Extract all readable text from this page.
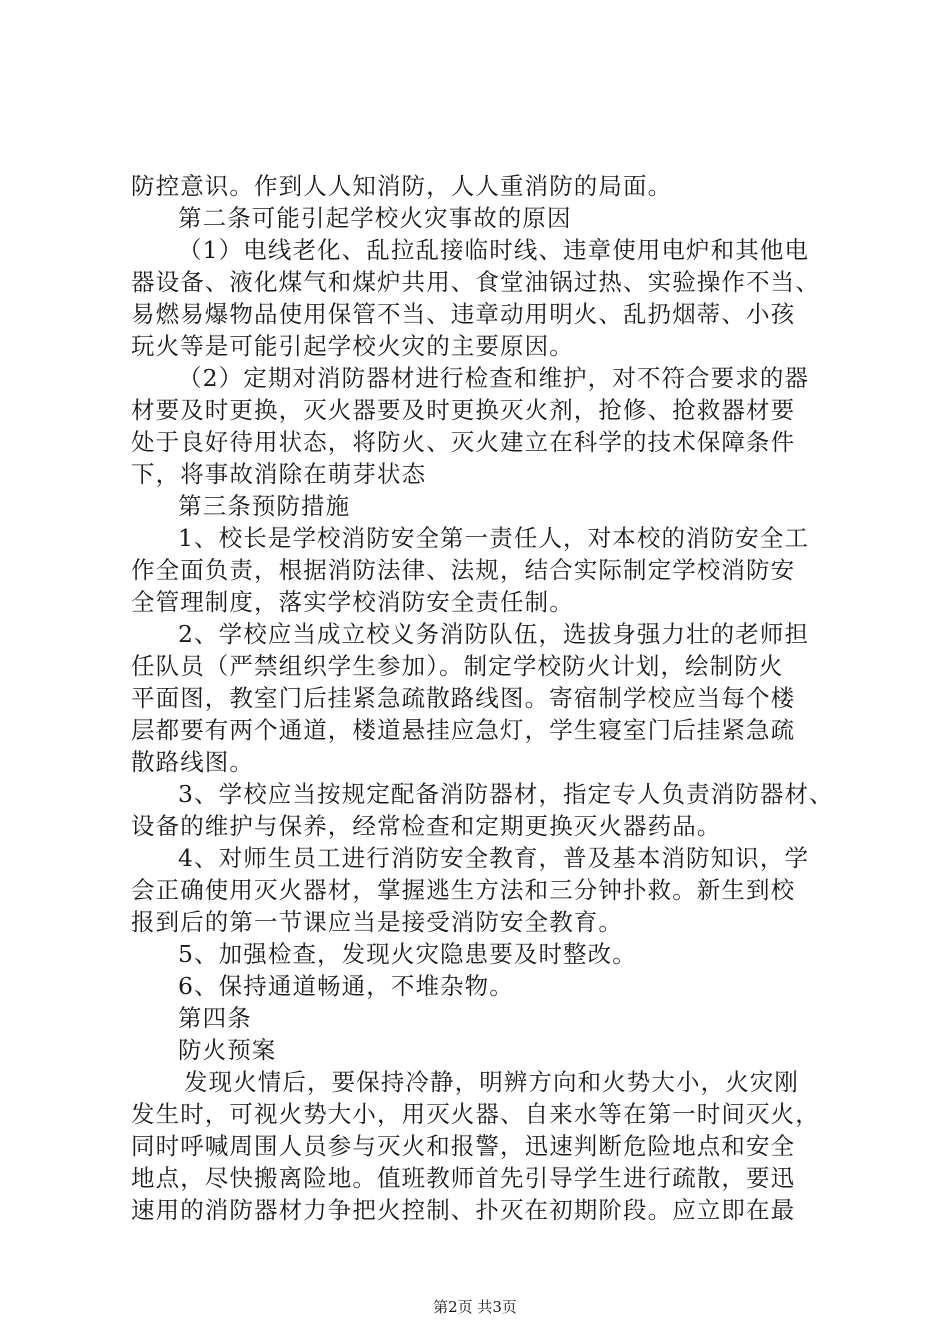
防控意识。作到人人知消防，人人重消防的局面。
第二条可能引起学校火灾事故的原因
（1）电线老化、乱拉乱接临时线、违章使用电炉和其他电
器设备、液化煤气和煤炉共用、食堂油锅过热、实验操作不当、
易燃易爆物品使用保管不当、违章动用明火、乱扔烟蒂、小孩
玩火等是可能引起学校火灾的主要原因。
（2）定期对消防器材进行检查和维护，对不符合要求的器
材要及时更换，灭火器要及时更换灭火剂，抢修、抢救器材要
处于良好待用状态，将防火、灭火建立在科学的技术保障条件
下，将事故消除在萌芽状态
第三条预防措施
1、校长是学校消防安全第一责任人，对本校的消防安全工
作全面负责，根据消防法律、法规，结合实际制定学校消防安
全管理制度，落实学校消防安全责任制。
2、学校应当成立校义务消防队伍，选拔身强力壮的老师担
任队员（严禁组织学生参加）。制定学校防火计划，绘制防火
平面图，教室门后挂紧急疏散路线图。寄宿制学校应当每个楼
层都要有两个通道，楼道悬挂应急灯，学生寝室门后挂紧急疏
散路线图。
3、学校应当按规定配备消防器材，指定专人负责消防器材、
设备的维护与保养，经常检查和定期更换灭火器药品。
4、对师生员工进行消防安全教育，普及基本消防知识，学
会正确使用灭火器材，掌握逃生方法和三分钟扑救。新生到校
报到后的第一节课应当是接受消防安全教育。
5、加强检查，发现火灾隐患要及时整改。
6、保持通道畅通，不堆杂物。
第四条
防火预案
发现火情后，要保持冷静，明辨方向和火势大小，火灾刚
发生时，可视火势大小，用灭火器、自来水等在第一时间灭火，
同时呼喊周围人员参与灭火和报警，迅速判断危险地点和安全
地点，尽快搬离险地。值班教师首先引导学生进行疏散，要迅
速用的消防器材力争把火控制、扑灭在初期阶段。应立即在最
第2页 共3页
